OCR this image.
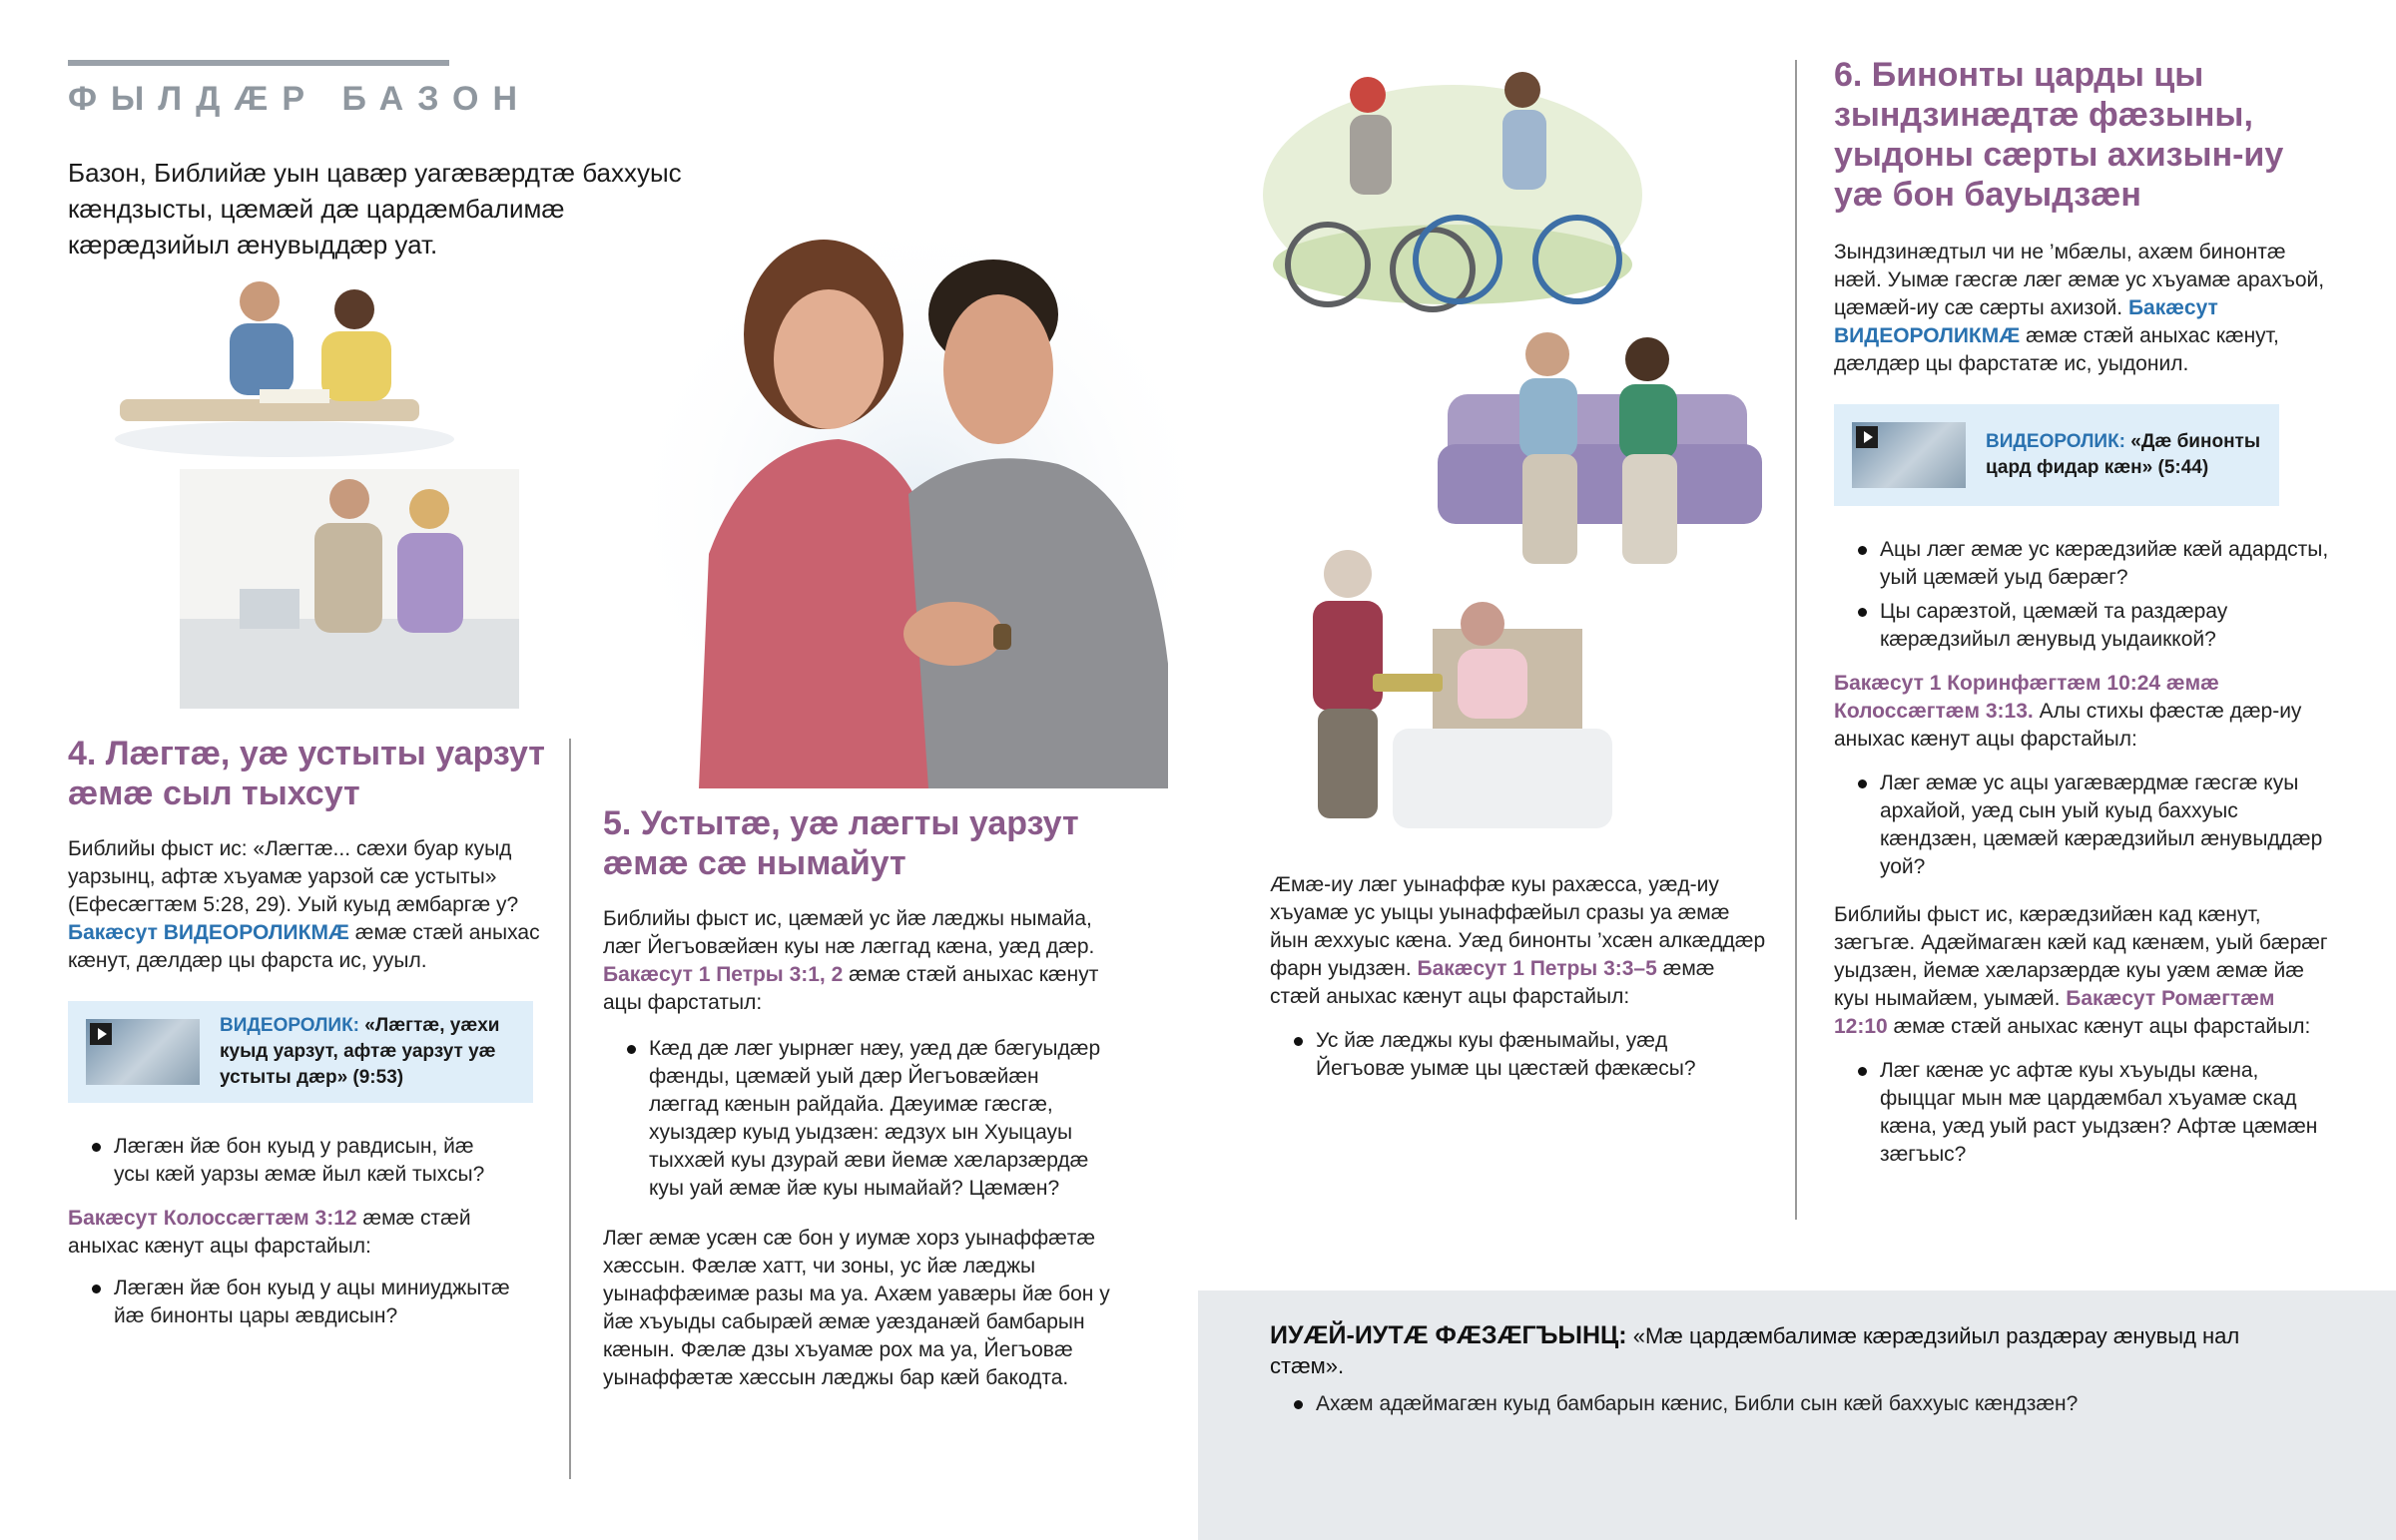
ФЫЛДÆР БАЗОН
Базон, Библийæ уын цавæр уагæвæрдтæ баххуыс кæндзысты, цæмæй дæ цардæмбалимæ кæрæдзийыл æнувыддæр уат.
4. Лæгтæ, уæ устыты уарзут æмæ сыл тыхсут

Библийы фыст ис: «Лæгтæ... сæхи буар куыд уарзынц, афтæ хъуамæ уарзой сæ устыты» (Ефесæгтæм 5:28, 29). Уый куыд æмбаргæ у? Бакæсут ВИДЕОРОЛИКМÆ æмæ стæй аныхас кæнут, дæлдæр цы фарста ис, ууыл.

ВИДЕОРОЛИК: «Лæгтæ, уæхи куыд уарзут, афтæ уарзут уæ устыты дæр» (9:53)
Лæгæн йæ бон куыд у равдисын, йæ усы кæй уарзы æмæ йыл кæй тыхсы?

Бакæсут Колоссæгтæм 3:12 æмæ стæй аныхас кæнут ацы фарстайыл:

Лæгæн йæ бон куыд у ацы миниуджытæ йæ бинонты цары æвдисын?
5. Устытæ, уæ лæгты уарзут æмæ сæ нымайут

Библийы фыст ис, цæмæй ус йæ лæджы нымайа, лæг Йегъовæйæн куы нæ лæггад кæна, уæд дæр. Бакæсут 1 Петры 3:1, 2 æмæ стæй аныхас кæнут ацы фарстатыл:

Кæд дæ лæг уырнæг нæу, уæд дæ бæгуыдæр фæнды, цæмæй уый дæр Йегъовæйæн лæггад кæнын райдайа. Дæуимæ гæсгæ, хуыздæр куыд уыдзæн: æдзух ын Хуыцауы тыххæй куы дзурай æви йемæ хæларзæрдæ куы уай æмæ йæ куы нымайай? Цæмæн?

Лæг æмæ усæн сæ бон у иумæ хорз уынаффæтæ хæссын. Фæлæ хатт, чи зоны, ус йæ лæджы уынаффæимæ разы ма уа. Ахæм уавæры йæ бон у йæ хъуыды сабырæй æмæ уæзданæй бамбарын кæнын. Фæлæ дзы хъуамæ рох ма уа, Йегъовæ уынаффæтæ хæссын лæджы бар кæй бакодта.

Æмæ-иу лæг уынаффæ куы рахæсса, уæд-иу хъуамæ ус уыцы уынаффæйыл сразы уа æмæ йын æххуыс кæна. Уæд бинонты ’хсæн алкæддæр фарн уыдзæн. Бакæсут 1 Петры 3:3–5 æмæ стæй аныхас кæнут ацы фарстайыл:

Ус йæ лæджы куы фæнымайы, уæд Йегъовæ уымæ цы цæстæй фæкæсы?
6. Бинонты царды цы зындзинæдтæ фæзыны, уыдоны сæрты ахизын-иу уæ бон бауыдзæн

Зындзинæдтыл чи не ’мбæлы, ахæм бинонтæ нæй. Уымæ гæсгæ лæг æмæ ус хъуамæ арахъой, цæмæй-иу сæ сæрты ахизой. Бакæсут ВИДЕОРОЛИКМÆ æмæ стæй аныхас кæнут, дæлдæр цы фарстатæ ис, уыдонил.

ВИДЕОРОЛИК: «Дæ бинонты цард фидар кæн» (5:44)
Ацы лæг æмæ ус кæрæдзийæ кæй адардсты, уый цæмæй уыд бæрæг?
Цы сарæзтой, цæмæй та раздæрау кæрæдзийыл æнувыд уыдаиккой?

Бакæсут 1 Коринфæгтæм 10:24 æмæ Колоссæгтæм 3:13. Алы стихы фæстæ дæр-иу аныхас кæнут ацы фарстайыл:

Лæг æмæ ус ацы уагæвæрдмæ гæсгæ куы архайой, уæд сын уый куыд баххуыс кæндзæн, цæмæй кæрæдзийыл æнувыддæр уой?

Библийы фыст ис, кæрæдзийæн кад кæнут, зæгъгæ. Адæймагæн кæй кад кæнæм, уый бæрæг уыдзæн, йемæ хæларзæрдæ куы уæм æмæ йæ куы нымайæм, уымæй. Бакæсут Ромæгтæм 12:10 æмæ стæй аныхас кæнут ацы фарстайыл:

Лæг кæнæ ус афтæ куы хъуыды кæна, фыццаг мын мæ цардæмбал хъуамæ скад кæна, уæд уый раст уыдзæн? Афтæ цæмæн зæгъыс?
ИУÆЙ-ИУТÆ ФÆЗÆГЪЫНЦ: «Мæ цардæмбалимæ кæрæдзийыл раздæрау æнувыд нал стæм».
Ахæм адæймагæн куыд бамбарын кæнис, Библи сын кæй баххуыс кæндзæн?
